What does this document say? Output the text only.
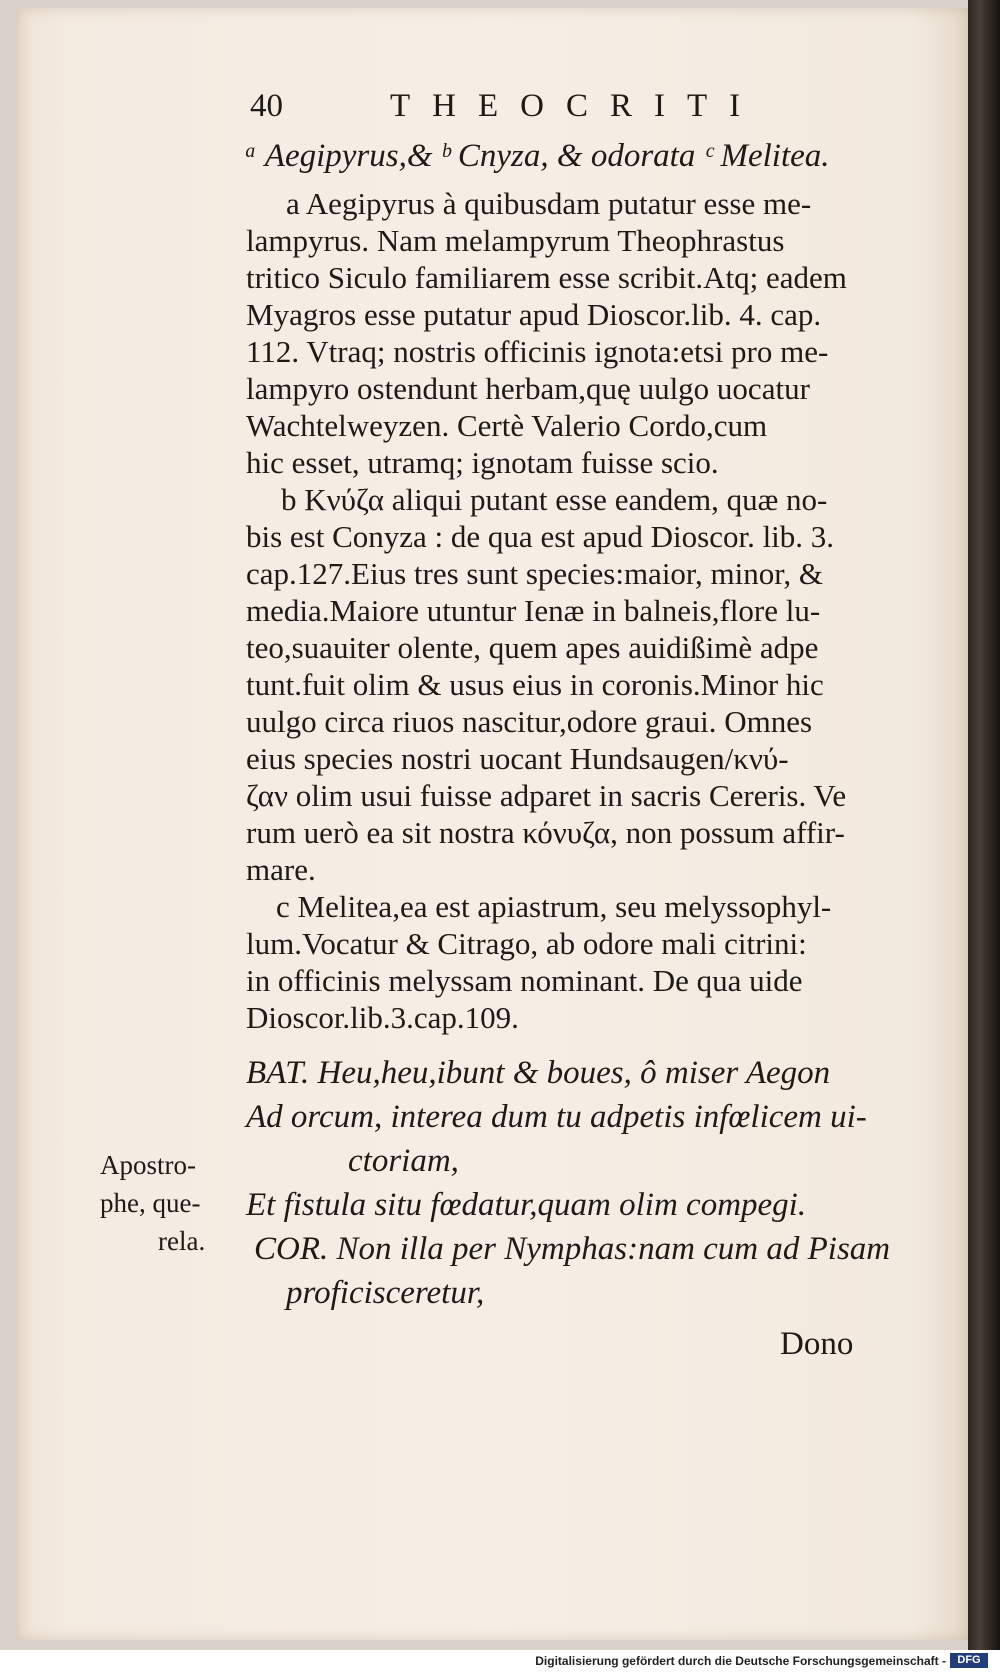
40	THEOCRITI
ᵃ Aegipyrus,& ᵇ Cnyza, & odorata ᶜ Melitea.
a Aegipyrus à quibusdam putatur esse me-
lampyrus. Nam melampyrum Theophrastus
tritico Siculo familiarem esse scribit.Atq; eadem
Myagros esse putatur apud Dioscor.lib. 4. cap.
112. Vtraq; nostris officinis ignota:etsi pro me-
lampyro ostendunt herbam,quę uulgo uocatur
Wachtelweyzen. Certè Valerio Cordo,cum
hic esset, utramq; ignotam fuisse scio.
b Κνύζα aliqui putant esse eandem, quæ no-
bis est Conyza : de qua est apud Dioscor. lib. 3.
cap.127.Eius tres sunt species:maior, minor, &
media.Maiore utuntur Ienæ in balneis,flore lu-
teo,suauiter olente, quem apes auidißimè adpe
tunt.fuit olim & usus eius in coronis.Minor hic
uulgo circa riuos nascitur,odore graui. Omnes
eius species nostri uocant Hundsaugen/κνύ-
ζαν olim usui fuisse adparet in sacris Cereris. Ve
rum uerò ea sit nostra κόνυζα, non possum affir-
mare.
c Melitea,ea est apiastrum, seu melyssophyl-
lum.Vocatur & Citrago, ab odore mali citrini:
in officinis melyssam nominant. De qua uide
Dioscor.lib.3.cap.109.
BAT. Heu,heu,ibunt & boues, ô miser Aegon
Ad orcum, interea dum tu adpetis infœlicem ui-
ctoriam,
Et fistula situ fœdatur,quam olim compegi.
COR. Non illa per Nymphas:nam cum ad Pisam
proficisceretur,
Dono
Apostro-
phe, que-
rela.
Digitalisierung gefördert durch die Deutsche Forschungsgemeinschaft -	DFG
